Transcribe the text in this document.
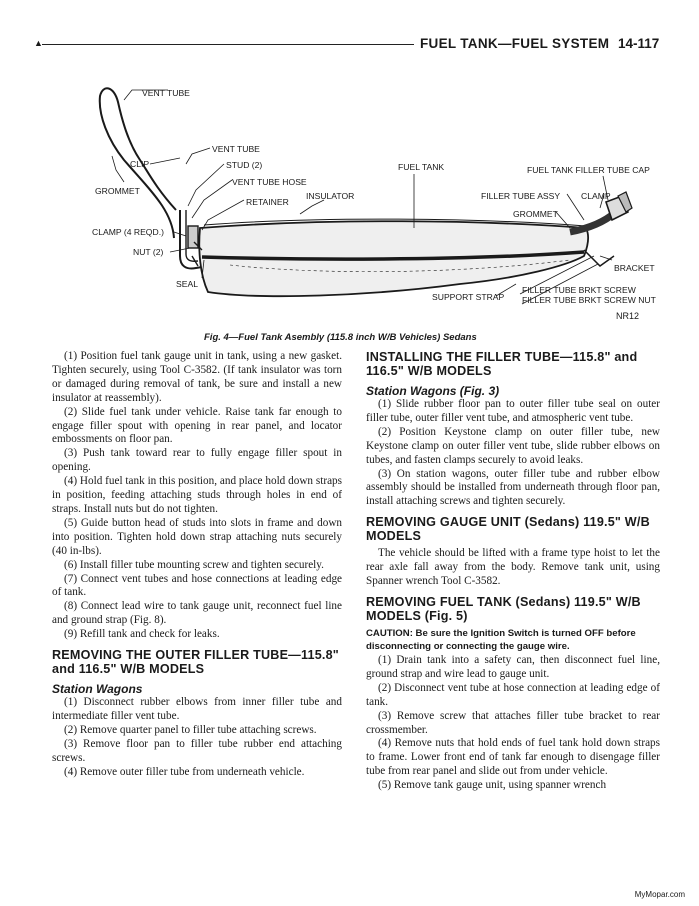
▲	FUEL TANK—FUEL SYSTEM 14-117
VENT TUBE
VENT TUBE
CLIP	STUD (2)
VENT TUBE HOSE
GROMMET
RETAINER
INSULATOR
FUEL TANK	FUEL TANK FILLER TUBE CAP
FILLER TUBE ASSY CLAMP
GROMMET
CLAMP (4 REQD.)
NUT (2)
BRACKET
SEAL
SUPPORT STRAP
FILLER TUBE BRKT SCREW
FILLER TUBE BRKT SCREW NUT
NR12
Fig. 4—Fuel Tank Asembly (115.8 inch W/B Vehicles) Sedans

(1) Position fuel tank gauge unit in tank, using a new gasket. Tighten securely, using Tool C-3582. (If tank insulator was torn or damaged during removal of tank, be sure and install a new insulator at reassembly).

(2) Slide fuel tank under vehicle. Raise tank far enough to engage filler spout with opening in rear panel, and locator embossments on floor pan.

(3) Push tank toward rear to fully engage filler spout in opening.

(4) Hold fuel tank in this position, and place hold down straps in position, feeding attaching studs through holes in end of straps. Install nuts but do not tighten.

(5) Guide button head of studs into slots in frame and down into position. Tighten hold down strap attaching nuts securely (40 in-lbs).

(6) Install filler tube mounting screw and tighten securely.

(7) Connect vent tubes and hose connections at leading edge of tank.

(8) Connect lead wire to tank gauge unit, reconnect fuel line and ground strap (Fig. 8).

(9) Refill tank and check for leaks.

REMOVING THE OUTER FILLER TUBE—115.8" and 116.5" W/B MODELS
Station Wagons

(1) Disconnect rubber elbows from inner filler tube and intermediate filler vent tube.

(2) Remove quarter panel to filler tube attaching screws.

(3) Remove floor pan to filler tube rubber end attaching screws.

(4) Remove outer filler tube from underneath vehicle.

INSTALLING THE FILLER TUBE—115.8" and 116.5" W/B MODELS
Station Wagons (Fig. 3)

(1) Slide rubber floor pan to outer filler tube seal on outer filler tube, outer filler vent tube, and atmospheric vent tube.

(2) Position Keystone clamp on outer filler tube, new Keystone clamp on outer filler vent tube, slide rubber elbows on tubes, and fasten clamps securely to avoid leaks.

(3) On station wagons, outer filler tube and rubber elbow assembly should be installed from underneath through floor pan, install attaching screws and tighten securely.

REMOVING GAUGE UNIT (Sedans) 119.5" W/B MODELS

The vehicle should be lifted with a frame type hoist to let the rear axle fall away from the body. Remove tank unit, using Spanner wrench Tool C-3582.

REMOVING FUEL TANK (Sedans) 119.5" W/B MODELS (Fig. 5)
CAUTION: Be sure the Ignition Switch is turned OFF before disconnecting or connecting the gauge wire.

(1) Drain tank into a safety can, then disconnect fuel line, ground strap and wire lead to gauge unit.

(2) Disconnect vent tube at hose connection at leading edge of tank.

(3) Remove screw that attaches filler tube bracket to rear crossmember.

(4) Remove nuts that hold ends of fuel tank hold down straps to frame. Lower front end of tank far enough to disengage filler tube from rear panel and slide out from under vehicle.

(5) Remove tank gauge unit, using spanner wrench

MyMopar.com
